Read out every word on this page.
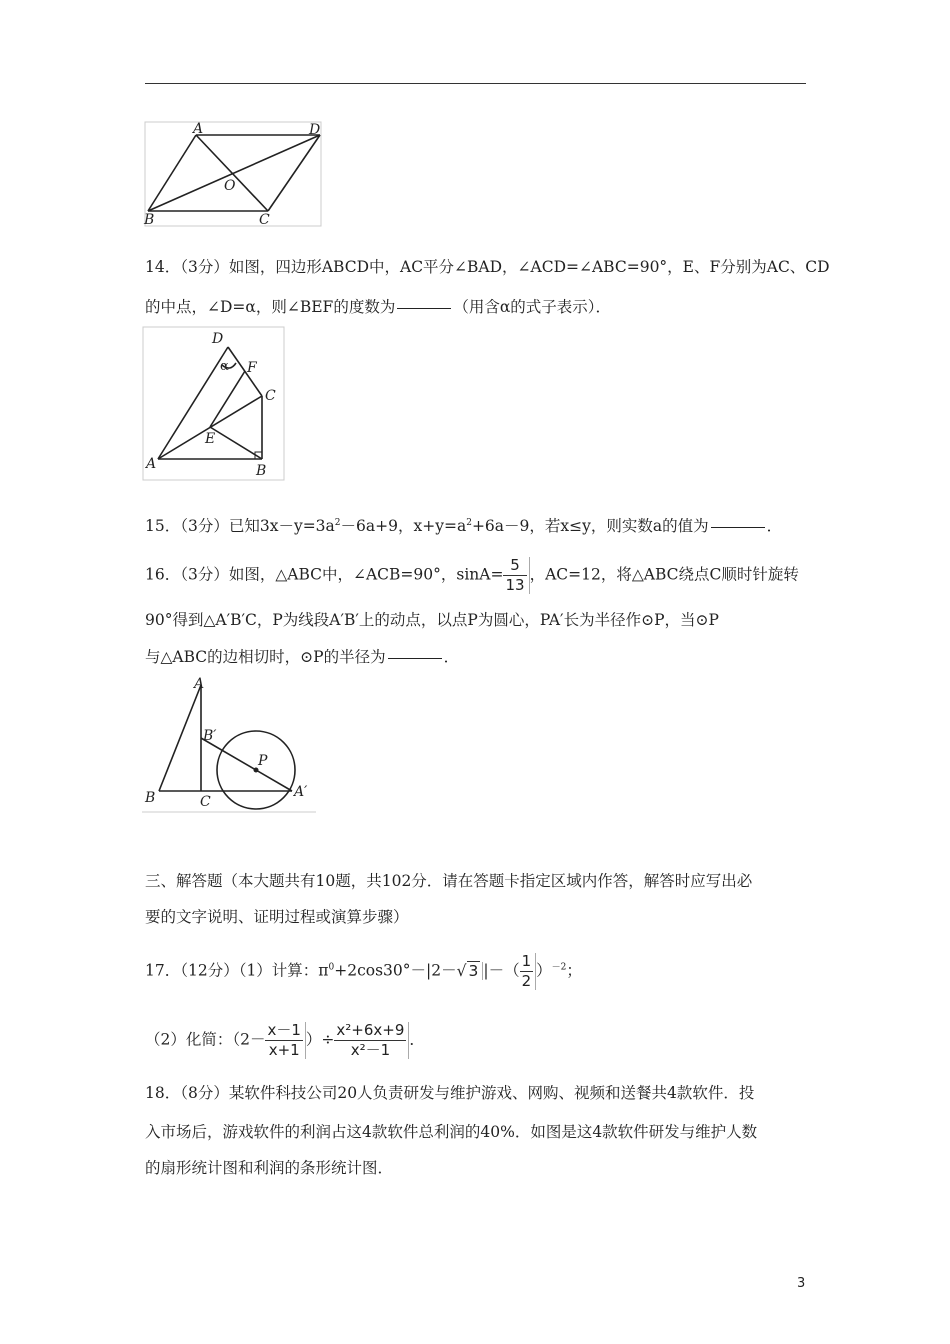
A	D
O
B	C
14．（3分）如图，四边形ABCD中，AC平分∠BAD，∠ACD=∠ABC=90°，E、F分别为AC、CD
的中点，∠D=α，则∠BEF的度数为	（用含α的式子表示）．
D
α F
C
E
A	B
15．（3分）已知$3x-y=3a^2-6a+9$，$x+y=a^2+6a-9$，若x≤y，则实数a的值为	．
16．（3分）如图，△ABC中，∠ACB=90°，$\sin A= \frac{5}{13}$ ，AC=12，将△ABC绕点C顺时针旋转
90°得到△A′B′C，P为线段A′B′上的动点，以点P为圆心，PA′长为半径作⊙P，当⊙P
与△ABC的边相切时，⊙P的半径为	．
A
B′
P
B	C
A′
三、解答题（本大题共有10题，共102分．请在答题卡指定区域内作答，解答时应写出必
要的文字说明、证明过程或演算步骤）
17．（12分）（1）计算：$\pi^0+2\cos 30^\circ-|2-√$ 3 |－（ $\frac{1}{2} )^{-2}$；
（2）化简：（$2- \frac{x-1}{x+1}$ ）÷ $\frac{\text{x²+6x+9}}{\text{x²－1}}$ ．
18．（8分）某软件科技公司20人负责研发与维护游戏、网购、视频和送餐共4款软件．投
入市场后，游戏软件的利润占这4款软件总利润的40%．如图是这4款软件研发与维护人数
的扇形统计图和利润的条形统计图．
3
